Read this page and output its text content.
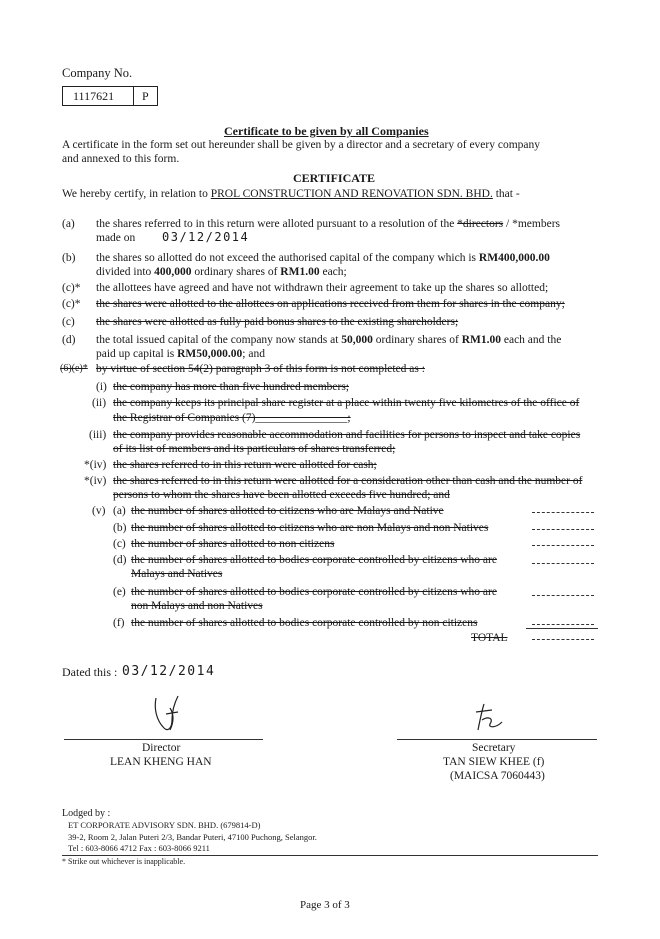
Company No.
1117621 P
Certificate to be given by all Companies
A certificate in the form set out hereunder shall be given by a director and a secretary of every company
and annexed to this form.
CERTIFICATE
We hereby certify, in relation to PROL CONSTRUCTION AND RENOVATION SDN. BHD. that -
(a) the shares referred to in this return were alloted pursuant to a resolution of the *directors / *members
made on 03/12/2014
(b) the shares so allotted do not exceed the authorised capital of the company which is RM400,000.00
divided into 400,000 ordinary shares of RM1.00 each;
(c)* the allottees have agreed and have not withdrawn their agreement to take up the shares so allotted;
(c)* the shares were allotted to the allottees on applications received from them for shares in the company;
(c) the shares were allotted as fully paid bonus shares to the existing shareholders;
(d) the total issued capital of the company now stands at 50,000 ordinary shares of RM1.00 each and the
paid up capital is RM50,000.00; and
(6)(e)* by virtue of section 54(2) paragraph 3 of this form is not completed as :
(i) the company has more than five hundred members;
(ii) the company keeps its principal share register at a place within twenty five kilometres of the office of
the Registrar of Companies (7)________________;
(iii) the company provides reasonable accommodation and facilities for persons to inspect and take copies
of its list of members and its particulars of shares transferred;
*(iv) the shares referred to in this return were allotted for cash;
*(iv) the shares referred to in this return were allotted for a consideration other than cash and the number of
persons to whom the shares have been allotted exceeds five hundred; and
(v) (a) the number of shares allotted to citizens who are Malays and Native
(b) the number of shares allotted to citizens who are non Malays and non Natives
(c) the number of shares allotted to non citizens
(d) the number of shares allotted to bodies corporate controlled by citizens who are
Malays and Natives
(e) the number of shares allotted to bodies corporate controlled by citizens who are
non Malays and non Natives
(f) the number of shares allotted to bodies corporate controlled by non citizens
TOTAL
Dated this : 03/12/2014
Director
LEAN KHENG HAN
Secretary
TAN SIEW KHEE (f)
(MAICSA 7060443)
Lodged by :
ET CORPORATE ADVISORY SDN. BHD. (679814-D)
39-2, Room 2, Jalan Puteri 2/3, Bandar Puteri, 47100 Puchong, Selangor.
Tel : 603-8066 4712 Fax : 603-8066 9211
* Strike out whichever is inapplicable.
Page 3 of 3
